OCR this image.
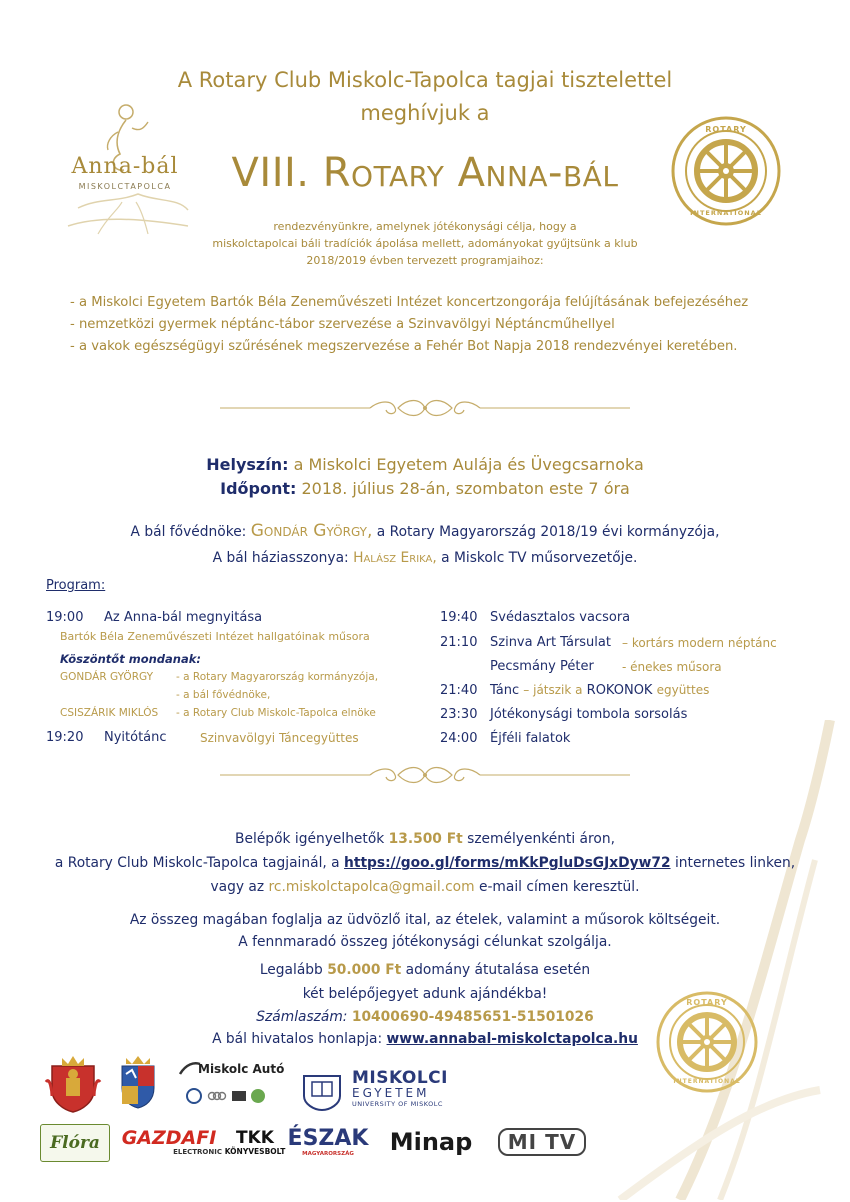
Anna-bál
MISKOLCTAPOLCA
ROTARY
INTERNATIONAL
A Rotary Club Miskolc-Tapolca tagjai tisztelettel
meghívjuk a
VIII. Rotary Anna-bál
rendezvényünkre, amelynek jótékonysági célja, hogy a
miskolctapolcai báli tradíciók ápolása mellett, adományokat gyűjtsünk a klub
2018/2019 évben tervezett programjaihoz:
- a Miskolci Egyetem Bartók Béla Zeneművészeti Intézet koncertzongorája felújításának befejezéséhez
- nemzetközi gyermek néptánc-tábor szervezése a Szinvavölgyi Néptáncműhellyel
- a vakok egészségügyi szűrésének megszervezése a Fehér Bot Napja 2018 rendezvényei keretében.
Helyszín: a Miskolci Egyetem Aulája és Üvegcsarnoka
Időpont: 2018. július 28-án, szombaton este 7 óra
A bál fővédnöke: Gondár György, a Rotary Magyarország 2018/19 évi kormányzója,
A bál háziasszonya: Halász Erika, a Miskolc TV műsorvezetője.
Program:
19:00 Az Anna-bál megnyitása
Bartók Béla Zeneművészeti Intézet hallgatóinak műsora
Köszöntőt mondanak:
GONDÁR GYÖRGY - a Rotary Magyarország kormányzója,
- a bál fővédnöke,
CSISZÁRIK MIKLÓS - a Rotary Club Miskolc-Tapolca elnöke
19:20 Nyitótánc	Szinvavölgyi Táncegyüttes
19:40 Svédasztalos vacsora
21:10 Szinva Art Társulat – kortárs modern néptánc
Pecsmány Péter - énekes műsora
21:40 Tánc – játszik a ROKONOK együttes
23:30 Jótékonysági tombola sorsolás
24:00 Éjféli falatok
Belépők igényelhetők 13.500 Ft személyenkénti áron,
a Rotary Club Miskolc-Tapolca tagjainál, a https://goo.gl/forms/mKkPgluDsGJxDyw72 internetes linken,
vagy az rc.miskolctapolca@gmail.com e-mail címen keresztül.
Az összeg magában foglalja az üdvözlő ital, az ételek, valamint a műsorok költségeit.
A fennmaradó összeg jótékonysági célunkat szolgálja.
Legalább 50.000 Ft adomány átutalása esetén
két belépőjegyet adunk ajándékba!
Számlaszám: 10400690-49485651-51501026
A bál hivatalos honlapja: www.annabal-miskolctapolca.hu
ROTARY
INTERNATIONAL
Miskolc Autó	MISKOLCI
EGYETEM
UNIVERSITY OF MISKOLC
Flóra GAZDAFI
ELECTRONIC
TKK
KÖNYVESBOLT ÉSZAK
MAGYARORSZÁG Minap	MI TV
